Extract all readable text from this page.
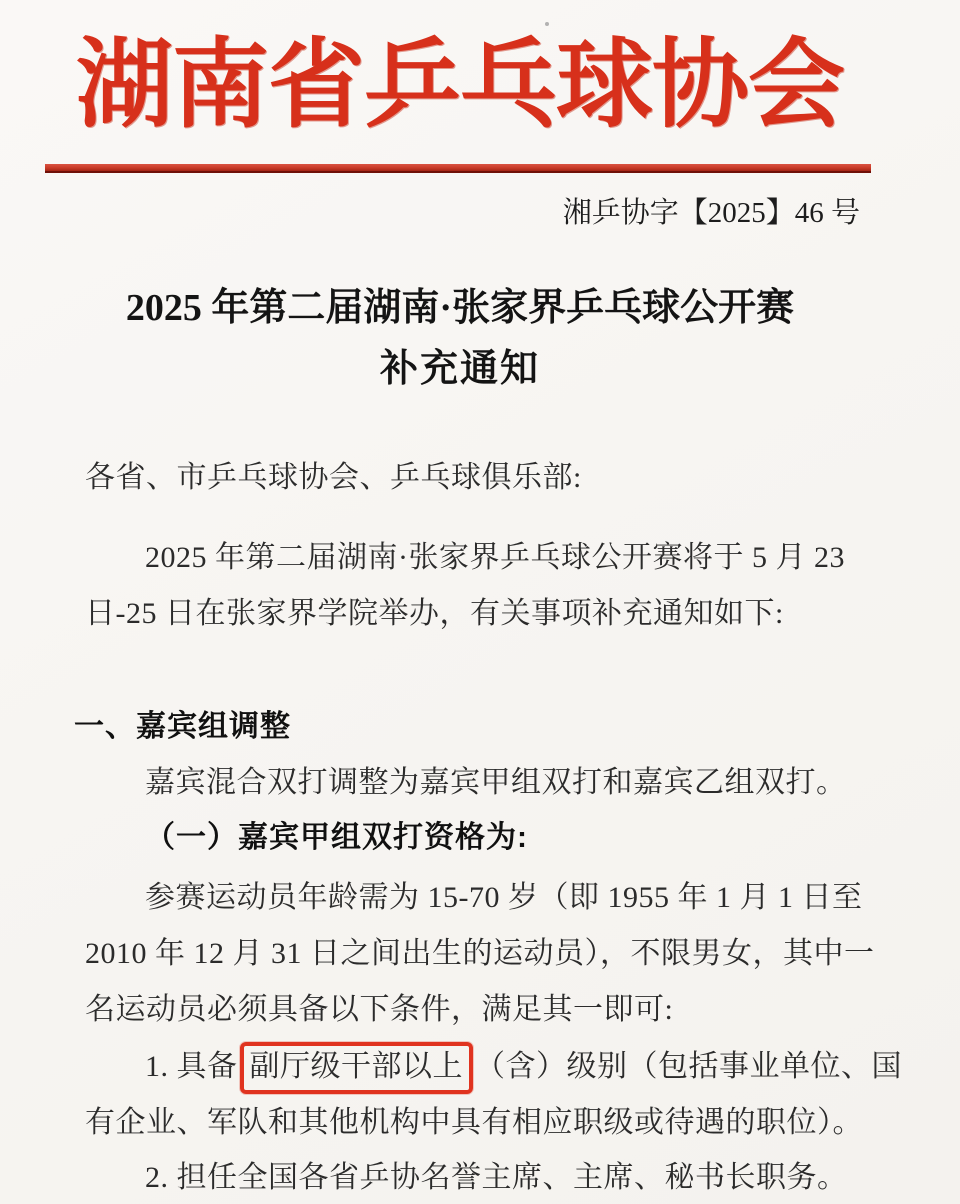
湖南省乒乓球协会
湘乒协字【2025】46 号
2025 年第二届湖南·张家界乒乓球公开赛
补充通知
各省、市乒乓球协会、乒乓球俱乐部:
2025 年第二届湖南·张家界乒乓球公开赛将于 5 月 23
日-25 日在张家界学院举办，有关事项补充通知如下:
一、嘉宾组调整
嘉宾混合双打调整为嘉宾甲组双打和嘉宾乙组双打。
（一）嘉宾甲组双打资格为:
参赛运动员年龄需为 15-70 岁（即 1955 年 1 月 1 日至
2010 年 12 月 31 日之间出生的运动员），不限男女，其中一
名运动员必须具备以下条件，满足其一即可:
1. 具备 副厅级干部以上 （含）级别（包括事业单位、国
有企业、军队和其他机构中具有相应职级或待遇的职位）。
2. 担任全国各省乒协名誉主席、主席、秘书长职务。
